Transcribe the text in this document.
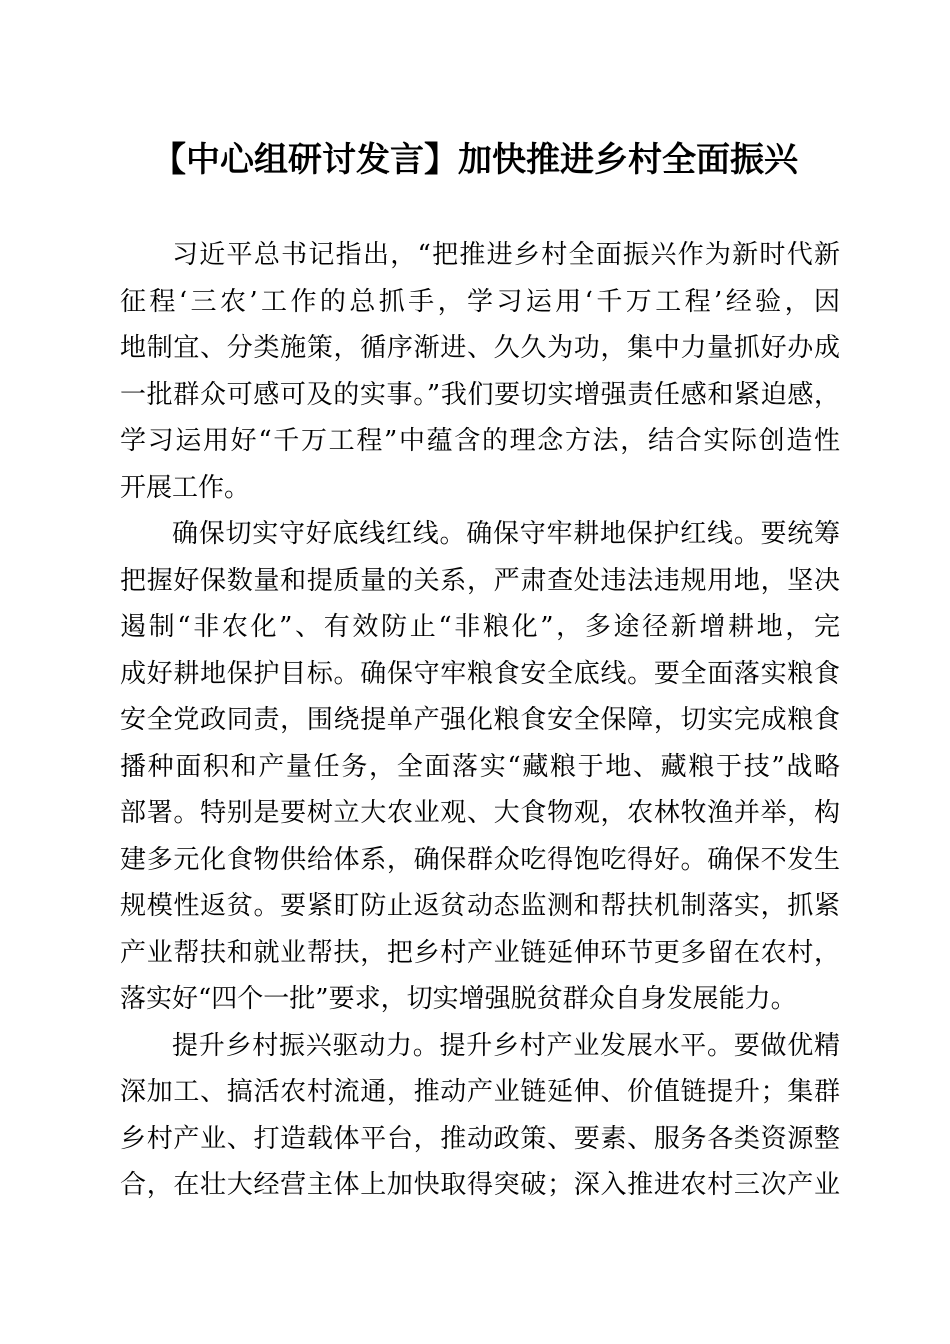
【中心组研讨发言】加快推进乡村全面振兴
习近平总书记指出，“把推进乡村全面振兴作为新时代新
征程‘三农’工作的总抓手，学习运用‘千万工程’经验，因
地制宜、分类施策，循序渐进、久久为功，集中力量抓好办成
一批群众可感可及的实事。”我们要切实增强责任感和紧迫感，
学习运用好“千万工程”中蕴含的理念方法，结合实际创造性
开展工作。
确保切实守好底线红线。确保守牢耕地保护红线。要统筹
把握好保数量和提质量的关系，严肃查处违法违规用地，坚决
遏制“非农化”、有效防止“非粮化”，多途径新增耕地，完
成好耕地保护目标。确保守牢粮食安全底线。要全面落实粮食
安全党政同责，围绕提单产强化粮食安全保障，切实完成粮食
播种面积和产量任务，全面落实“藏粮于地、藏粮于技”战略
部署。特别是要树立大农业观、大食物观，农林牧渔并举，构
建多元化食物供给体系，确保群众吃得饱吃得好。确保不发生
规模性返贫。要紧盯防止返贫动态监测和帮扶机制落实，抓紧
产业帮扶和就业帮扶，把乡村产业链延伸环节更多留在农村，
落实好“四个一批”要求，切实增强脱贫群众自身发展能力。
提升乡村振兴驱动力。提升乡村产业发展水平。要做优精
深加工、搞活农村流通，推动产业链延伸、价值链提升；集群
乡村产业、打造载体平台，推动政策、要素、服务各类资源整
合，在壮大经营主体上加快取得突破；深入推进农村三次产业
